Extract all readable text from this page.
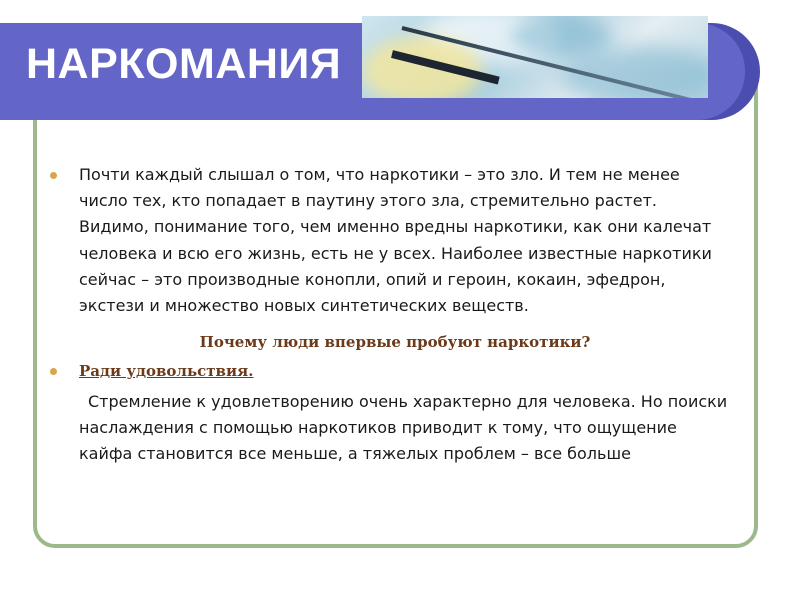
НАРКОМАНИЯ

Почти каждый слышал о том, что наркотики – это зло. И тем не менее число тех, кто попадает в паутину этого зла, стремительно растет. Видимо, понимание того, чем именно вредны наркотики, как они калечат человека и всю его жизнь, есть не у всех. Наиболее известные наркотики сейчас – это производные конопли, опий и героин, кокаин, эфедрон, экстези и множество новых синтетических веществ.

Почему люди впервые пробуют наркотики?
Ради удовольствия.

Стремление к удовлетворению очень характерно для человека. Но поиски наслаждения с помощью наркотиков приводит к тому, что ощущение кайфа становится все меньше, а тяжелых проблем – все больше
